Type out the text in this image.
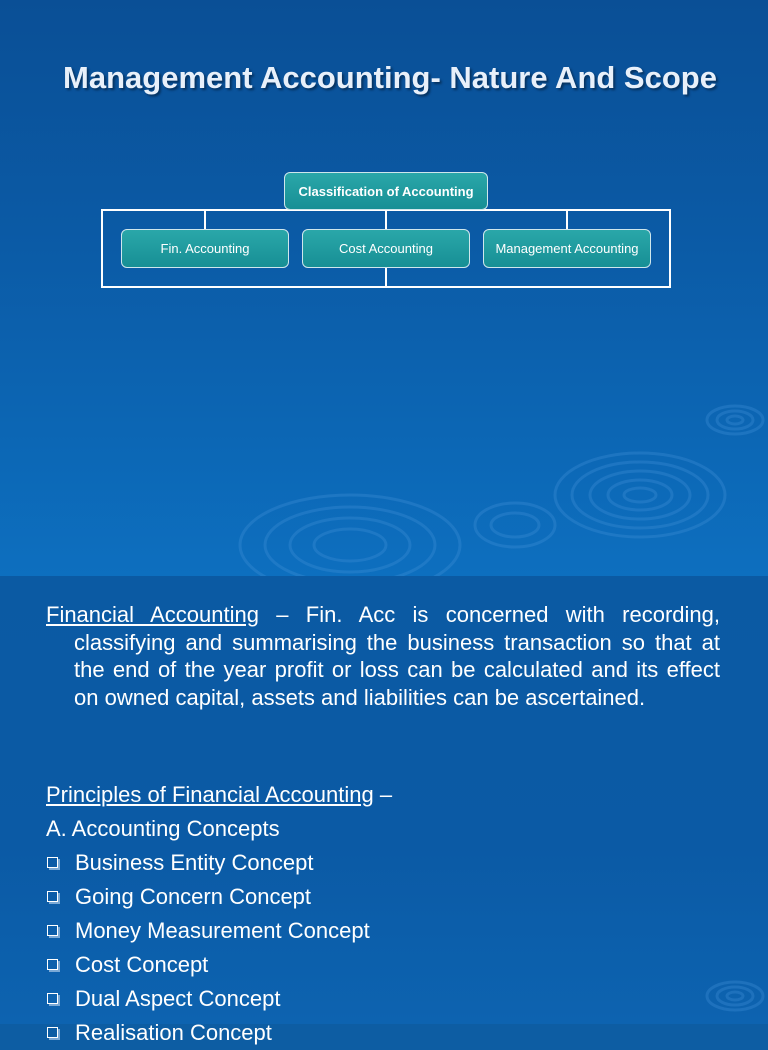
Management Accounting- Nature And Scope
Classification of Accounting
Fin. Accounting	Cost Accounting	Management Accounting
Financial Accounting – Fin. Acc is concerned with recording, classifying and summarising the business transaction so that at the end of the year profit or loss can be calculated and its effect on owned capital, assets and liabilities can be ascertained.
Principles of Financial Accounting –
A. Accounting Concepts
Business Entity Concept
Going Concern Concept
Money Measurement Concept
Cost Concept
Dual Aspect Concept
Realisation Concept
